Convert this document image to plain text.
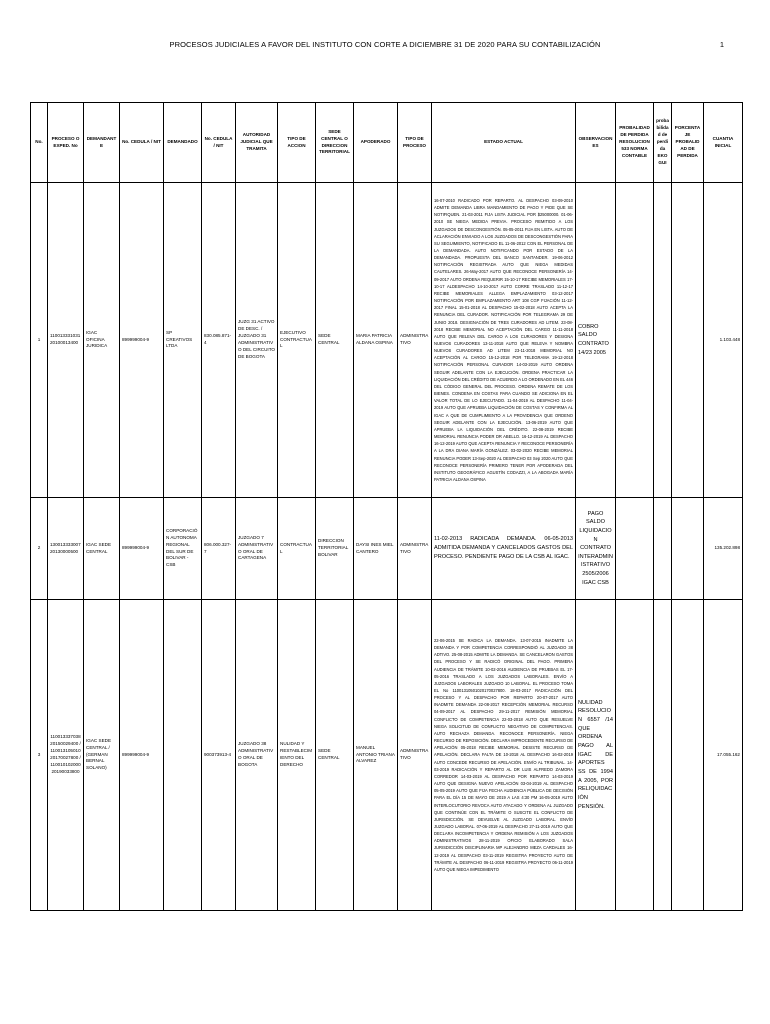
PROCESOS JUDICIALES A FAVOR DEL INSTITUTO CON CORTE A DICIEMBRE 31 DE 2020 PARA SU CONTABILIZACIÓN	1
No.	PROCESO O EXPED. No	DEMANDANTE	No. CEDULA / NIT	DEMANDADO	No. CEDULA / NIT	AUTORIDAD JUDICIAL QUE TRAMITA	TIPO DE ACCION	SEDE CENTRAL O DIRECCION TERRITORIAL	APODERADO	TIPO DE PROCESO	ESTADO ACTUAL	OBSERVACIONES	PROBALIDAD DE PERDIDA RESOLUCION 533 NORMA CONTABLE	probabilidad de perdida EKOGUI	PORCENTAJE PROBALIDAD DE PERDIDA	CUANTIA INICIAL
1	11001333103120100013400	IGAC OFICINA JURIDICA	899999004-9	SP CREATIVOS LTDA	830.085.871-4	JUZG 31 ACTIVO DE DESC. / JUZGADO 31 ADMINISTRATIVO DEL CIRCUITO DE BOGOTA	EJECUTIVO CONTRACTUAL	SEDE CENTRAL	MARIA PATRICIA ALDANA OSPINA	ADMINISTRATIVO	16-07-2010 RADICADO POR REPARTO. AL DESPACHO 03-09-2010 ADMITE DEMANDA LIBRA MANDAMIENTO DE PAGO Y PIDE QUE SE NOTIFIQUEN. 21-03-2011 FIJA LISTA JUDICIAL POR $25000000. 01-06-2010 SE NIEGA MEDIDA PREVIA. PROCESO REMITIDO A LOS JUZGADOS DE DESCONGESTIÓN. 05-05-2011 FIJA EN LISTA. AUTO DE ACLARACIÓN ENVIADO A LOS JUZGADOS DE DESCONGESTIÓN PARA SU SEGUIMIENTO, NOTIFICADO EL 11-06-2012 CON EL PERSONAL DE LA DEMANDADA. AUTO NOTIFICANDO POR ESTADO DE LA DEMANDADA. PROPUESTA DEL BANCO SANTANDER. 19-06-2012 NOTIFICACIÓN REGISTRADA AUTO QUE NIEGA MEDIDAS CAUTELARES. 26-May-2017 AUTO QUE RECONOCE PERSONERÍA 14-09-2017 AUTO ORDENA REQUERIR 15-10-17 RECIBE MEMORIALES 17-10-17 ALDESPACHO 14-10-2017 AUTO CORRE TRASLADO 11-12-17 RECIBE MEMORIALES ALLEGA EMPLAZAMIENTO 03-12-2017 NOTIFICACIÓN POR EMPLAZAMIENTO ART 108 CGP FIJACIÓN 11-12-2017 FINAL 15-01-2018 AL DESPACHO 15-02-2018 AUTO ACEPTA LA RENUNCIA DEL CURADOR. NOTIFICACIÓN POR TELEGRAMA 29 DE JUNIO 2018. DESIGNACIÓN DE TRES CURADORES AD LITEM. 23-08-2018 RECIBE MEMORIAL NO ACEPTACIÓN DEL CARGO 11-11-2018 AUTO QUE RELEVA DEL CARGO A LOS CURADORES Y DESIGNA NUEVOS CURADORES 13-11-2018 AUTO QUE RELEVA Y NOMBRA NUEVOS CURADORES AD LITEM 23-11-2018 MEMORIAL NO ACEPTACIÓN AL CARGO 15-12-2018 POR TELEGRAMA 19-12-2018 NOTIFICACIÓN PERSONAL CURADOR 14-03-2019 AUTO ORDENA SEGUIR ADELANTE CON LA EJECUCIÓN. ORDENA PRACTICAR LA LIQUIDACIÓN DEL CRÉDITO DE ACUERDO A LO ORDENADO EN EL 446 DEL CÓDIGO GENERAL DEL PROCESO. ORDENA REMATE DE LOS BIENES. CONDENA EN COSTAS PARA CUANDO SE ADICIONA EN EL VALOR TOTAL DE LO EJECUTADO. 11-04-2019 AL DESPACHO 11-04-2019 AUTO QUE APRUEBA LIQUIDACIÓN DE COSTAS Y CONFIRMA AL IGAC A QUE DE CUMPLIMIENTO A LA PROVIDENCIA QUE ORDENO SEGUIR ADELANTE CON LA EJECUCIÓN. 13-06-2019 AUTO QUE APRUEBA LA LIQUIDACIÓN DEL CRÉDITO. 22-08-2019 RECIBE MEMORIAL RENUNCIA PODER DR ABELLO. 16-12-2019 AL DESPACHO 16-12-2019 AUTO QUE ACEPTA RENUNCIA Y RECONOCE PERSONERÍA A LA DRA DIANA MARÍA GONZÁLEZ. 03-02-2020 RECIBE MEMORIAL RENUNCIA PODER 13-Sep-2020 AL DESPACHO 03 Sep 2020 AUTO QUE RECONOCE PERSONERÍA PRIMERO TENER POR APODERADA DEL INSTITUTO GEOGRÁFICO AGUSTÍN CODAZZI, A LA ABOGADA MARÍA PATRICIA ALDANA OSPINA	COBRO SALDO CONTRATO 14/23 2005				1.103.448
2	13001333300720130000500	IGAC SEDE CENTRAL	899999004-9	CORPORACIÓN AUTONOMA REGIONAL DEL SUR DE BOLIVAR - CSB	806.000.327-7	JUZGADO 7 ADMINISTRATIVO ORAL DE CARTAGENA	CONTRACTUAL	DIRECCION TERRITORIAL BOLIVAR	DAYSI INES MIEL CANTERO	ADMINISTRATIVO	11-02-2013 RADICADA DEMANDA. 06-05-2013 ADMITIDA DEMANDA Y CANCELADOS GASTOS DEL PROCESO. PENDIENTE PAGO DE LA CSB AL IGAC.	PAGO SALDO LIQUIDACION CONTRATO INTERADMINISTRATIVO 2505/2006 IGAC CSB				135.202.898
3	11001333703820150029400 / 11001310501020170027800 / 11001010200020190033800	IGAC SEDE CENTRAL / (GERMAN BERNAL SOLANO)	899999004-9		900373913-4	JUZGADO 38 ADMINISTRATIVO ORAL DE BOGOTA	NULIDAD Y RESTABLECIMIENTO DEL DERECHO	SEDE CENTRAL	MANUEL ANTONIO TRIANA ALVAREZ	ADMINISTRATIVO	22-06-2015 SE RADICA LA DEMANDA. 13-07-2015 INADMITE LA DEMANDA Y POR COMPETENCIA CORRESPONDIÓ AL JUZGADO 38 ADTIVO. 25-08-2015 ADMITE LA DEMANDA. SE CANCELARON GASTOS DEL PROCESO Y SE RADICÓ ORIGINAL DEL PAGO. PRIMERA AUDIENCIA DE TRÁMITE 10-02-2016 AUDIENCIA DE PRUEBAS EL 17-05-2016 TRASLADO A LOS JUZGADOS LABORALES. ENVÍO A JUZGADOS LABORALES JUZGADO 10 LABORAL. EL PROCESO TOMA EL No 11001310501020170027800. 18-03-2017 RADICACIÓN DEL PROCESO Y AL DESPACHO POR REPARTO 20-07-2017 AUTO INADMITE DEMANDA 22-08-2017 RECEPCIÓN MEMORIAL RECURSO 04-09-2017 AL DESPACHO 29-11-2017 REMISIÓN MEMORIAL CONFLICTO DE COMPETENCIA 22-03-2018 AUTO QUE RESUELVE NIEGA SOLICITUD DE CONFLICTO NEGATIVO DE COMPETENCIAS. AUTO RECHAZA DEMANDA. RECONOCE PERSONERÍA. NIEGA RECURSO DE REPOSICIÓN. DECLARA IMPROCEDENTE RECURSO DE APELACIÓN 05-2018 RECIBE MEMORIAL DESISTE RECURSO DE APELACIÓN. DECLARA FALTA DE 10-2018 AL DESPACHO 16-02-2019 AUTO CONCEDE RECURSO DE APELACIÓN. ENVÍO AL TRIBUNAL. 14-03-2019 RADICACIÓN Y REPARTO AL DR LUIS ALFREDO ZAMORA CORREDOR 14-03-2019 AL DESPACHO POR REPARTO 14-03-2019 AUTO QUE DESIGNA NUEVO APELACIÓN 03-04-2019 AL DESPACHO 05-05-2019 AUTO QUE FIJA FECHA AUDIENCIA PÚBLICA DE DECISIÓN PARA EL DÍA 15 DE MAYO DE 2019 A LAS 4:30 PM 16-05-2019 AUTO INTERLOCUTORIO REVOCA AUTO ATACADO Y ORDENA AL JUZGADO QUE CONTINÚE CON EL TRÁMITE O SUSCITE EL CONFLICTO DE JURISDICCIÓN. SE DEVUELVE AL JUZGADO LABORAL. ENVÍO JUZGADO LABORAL. 07-06-2019 AL DESPACHO 27-11-2019 AUTO QUE DECLARA INCOMPETENCIA Y ORDENA REMISIÓN A LOS JUZGADOS ADMINISTRATIVOS 28-11-2019 OFICIO ELABORADO SALA JURISDICCIÓN DISCIPLINARIA MP ALEJANDRO MEZA CARDALES 16-12-2019 AL DESPACHO 03-11-2019 REGISTRA PROYECTO AUTO DE TRÁMITE AL DESPACHO 06-11-2019 REGISTRA PROYECTO 06-11-2019 AUTO QUE NIEGA IMPEDIMENTO	NULIDAD RESOLUCION 6557 /14 QUE ORDENA PAGO AL IGAC DE APORTES SS DE 1994 A 2005, POR RELIQUIDACIÓN PENSIÓN.				17.055.162
